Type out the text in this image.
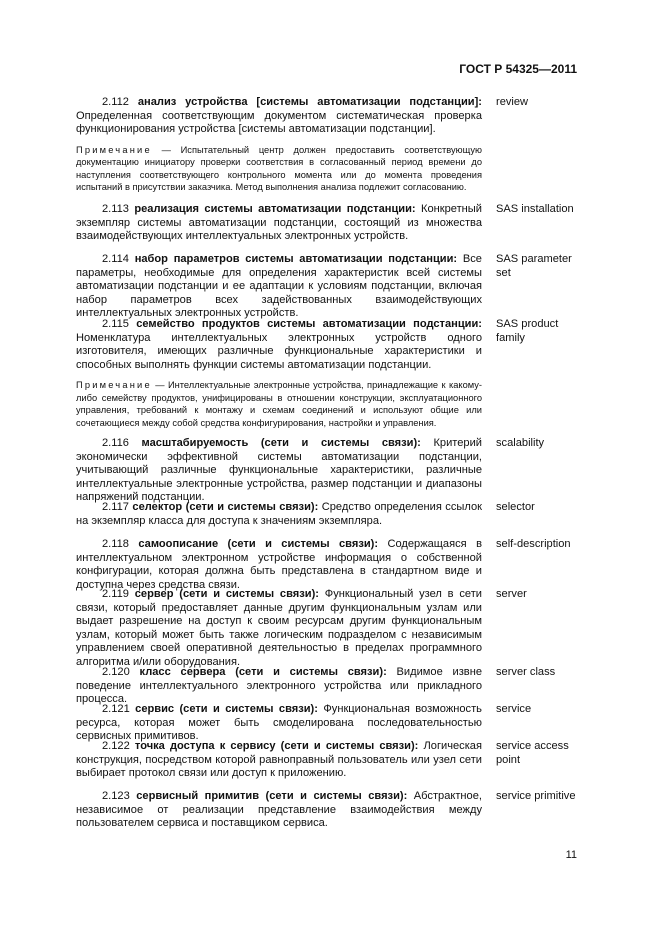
ГОСТ Р 54325—2011
2.112 анализ устройства [системы автоматизации подстанции]: Определенная соответствующим документом систематическая проверка функционирования устройства [системы автоматизации подстанции].
review
Примечание — Испытательный центр должен предоставить соответствующую документацию инициатору проверки соответствия в согласованный период времени до наступления соответствующего контрольного момента или до момента проведения испытаний в присутствии заказчика. Метод выполнения анализа подлежит согласованию.
2.113 реализация системы автоматизации подстанции: Конкретный экземпляр системы автоматизации подстанции, состоящий из множества взаимодействующих интеллектуальных электронных устройств.
SAS installation
2.114 набор параметров системы автоматизации подстанции: Все параметры, необходимые для определения характеристик всей системы автоматизации подстанции и ее адаптации к условиям подстанции, включая набор параметров всех задействованных взаимодействующих интеллектуальных электронных устройств.
SAS parameter set
2.115 семейство продуктов системы автоматизации подстанции: Номенклатура интеллектуальных электронных устройств одного изготовителя, имеющих различные функциональные характеристики и способных выполнять функции системы автоматизации подстанции.
SAS product family
Примечание — Интеллектуальные электронные устройства, принадлежащие к какому-либо семейству продуктов, унифицированы в отношении конструкции, эксплуатационного управления, требований к монтажу и схемам соединений и используют общие или сочетающиеся между собой средства конфигурирования, настройки и управления.
2.116 масштабируемость (сети и системы связи): Критерий экономически эффективной системы автоматизации подстанции, учитывающий различные функциональные характеристики, различные интеллектуальные электронные устройства, размер подстанции и диапазоны напряжений подстанции.
scalability
2.117 селектор (сети и системы связи): Средство определения ссылок на экземпляр класса для доступа к значениям экземпляра.
selector
2.118 самоописание (сети и системы связи): Содержащаяся в интеллектуальном электронном устройстве информация о собственной конфигурации, которая должна быть представлена в стандартном виде и доступна через средства связи.
self-description
2.119 сервер (сети и системы связи): Функциональный узел в сети связи, который предоставляет данные другим функциональным узлам или выдает разрешение на доступ к своим ресурсам другим функциональным узлам, который может быть также логическим подразделом с независимым управлением своей оперативной деятельностью в пределах программного алгоритма и/или оборудования.
server
2.120 класс сервера (сети и системы связи): Видимое извне поведение интеллектуального электронного устройства или прикладного процесса.
server class
2.121 сервис (сети и системы связи): Функциональная возможность ресурса, которая может быть смоделирована последовательностью сервисных примитивов.
service
2.122 точка доступа к сервису (сети и системы связи): Логическая конструкция, посредством которой равноправный пользователь или узел сети выбирает протокол связи или доступ к приложению.
service access point
2.123 сервисный примитив (сети и системы связи): Абстрактное, независимое от реализации представление взаимодействия между пользователем сервиса и поставщиком сервиса.
service primitive
11
